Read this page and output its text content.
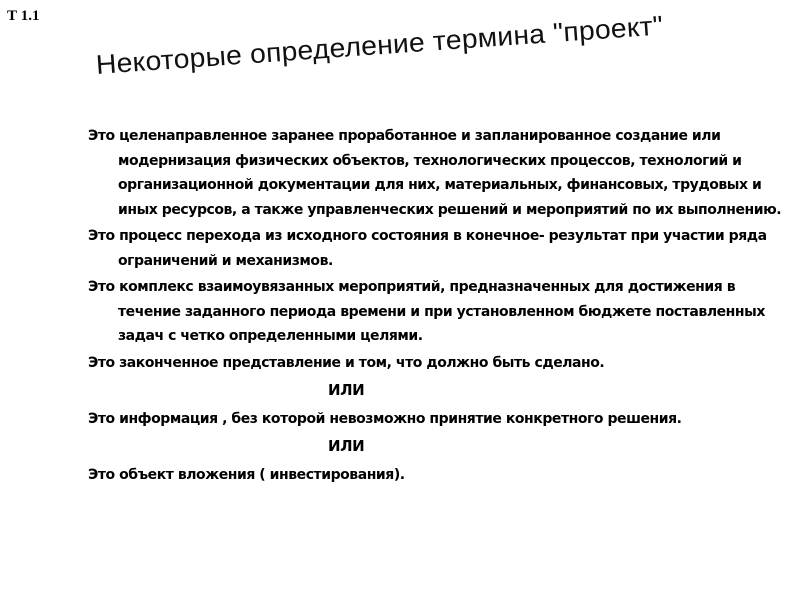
Т 1.1 Некоторые определение термина "проект"
Это целенаправленное заранее проработанное и запланированное создание или модернизация физических объектов, технологических процессов, технологий и организационной документации для них, материальных, финансовых, трудовых и иных ресурсов, а также управленческих решений и мероприятий по их выполнению.
Это процесс перехода из исходного состояния в конечное- результат при участии ряда ограничений и механизмов.
Это комплекс взаимоувязанных мероприятий, предназначенных для достижения в течение заданного периода времени и при установленном бюджете поставленных задач с четко определенными целями.
Это законченное представление и том, что должно быть сделано.
ИЛИ
Это информация , без которой невозможно принятие конкретного решения.
ИЛИ
Это объект вложения ( инвестирования).
